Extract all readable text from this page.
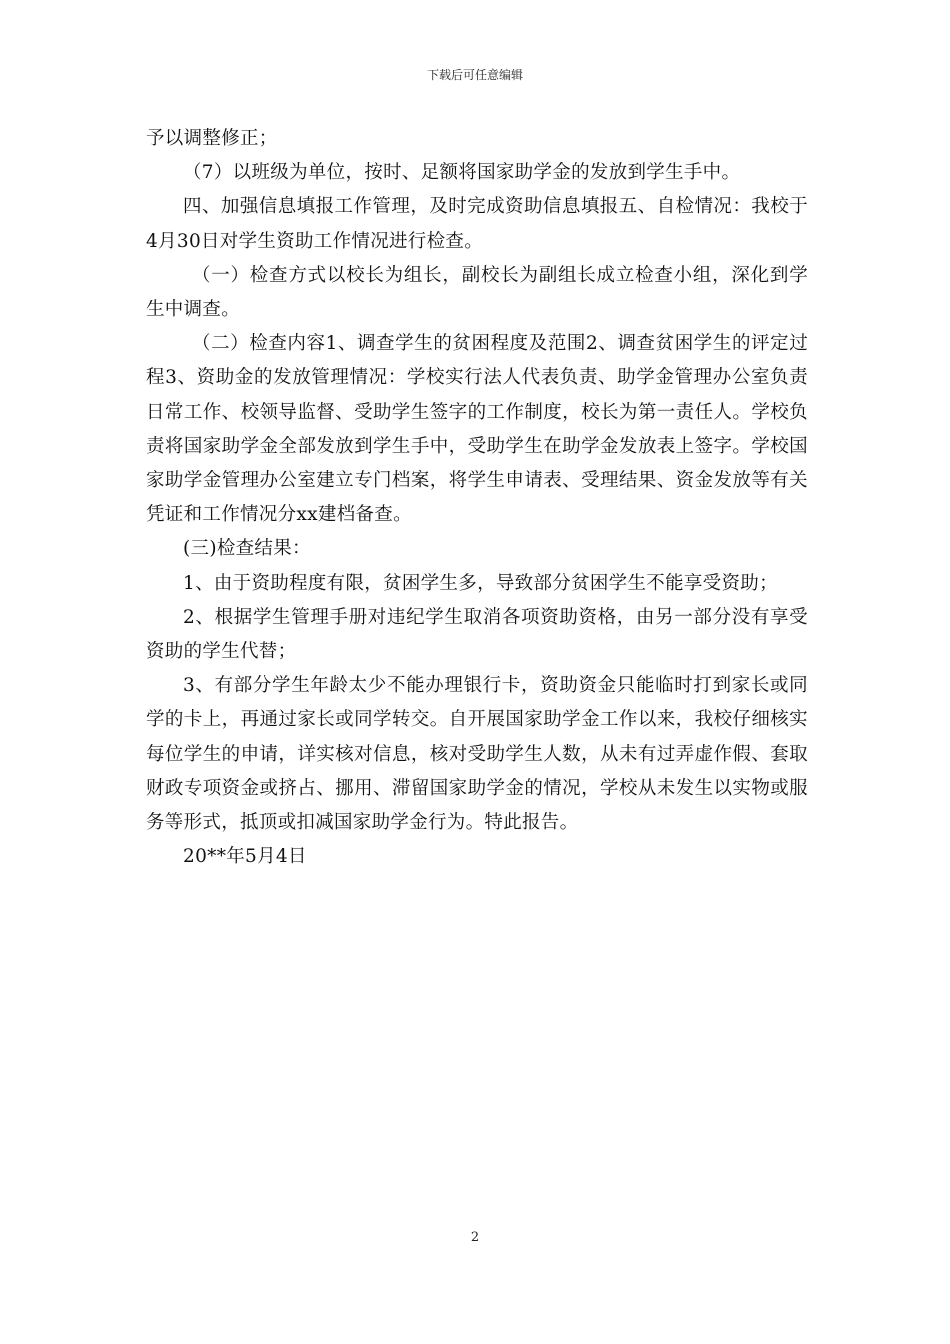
下载后可任意编辑

予以调整修正；

（7）以班级为单位，按时、足额将国家助学金的发放到学生手中。

四、加强信息填报工作管理，及时完成资助信息填报五、自检情况：我校于4月30日对学生资助工作情况进行检查。

（一）检查方式以校长为组长，副校长为副组长成立检查小组，深化到学生中调查。

（二）检查内容1、调查学生的贫困程度及范围2、调查贫困学生的评定过程3、资助金的发放管理情况：学校实行法人代表负责、助学金管理办公室负责日常工作、校领导监督、受助学生签字的工作制度，校长为第一责任人。学校负责将国家助学金全部发放到学生手中，受助学生在助学金发放表上签字。学校国家助学金管理办公室建立专门档案，将学生申请表、受理结果、资金发放等有关凭证和工作情况分xx建档备查。

(三)检查结果：

1、由于资助程度有限，贫困学生多，导致部分贫困学生不能享受资助；

2、根据学生管理手册对违纪学生取消各项资助资格，由另一部分没有享受资助的学生代替；

3、有部分学生年龄太少不能办理银行卡，资助资金只能临时打到家长或同学的卡上，再通过家长或同学转交。自开展国家助学金工作以来，我校仔细核实每位学生的申请，详实核对信息，核对受助学生人数，从未有过弄虚作假、套取财政专项资金或挤占、挪用、滞留国家助学金的情况，学校从未发生以实物或服务等形式，抵顶或扣减国家助学金行为。特此报告。

20**年5月4日

2
